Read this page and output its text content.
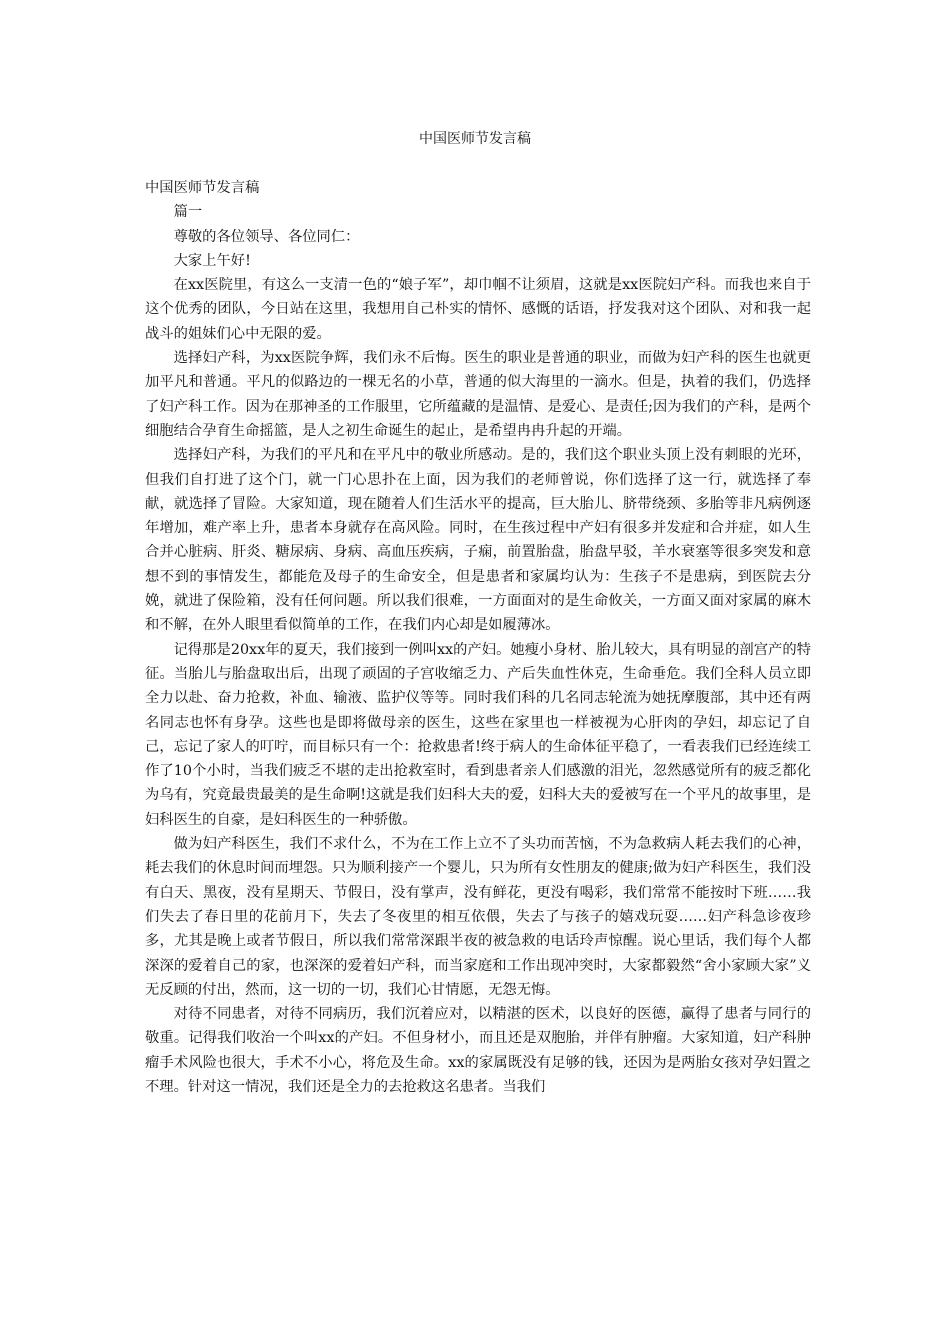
中国医师节发言稿

中国医师节发言稿

篇一

尊敬的各位领导、各位同仁：

大家上午好!

在xx医院里，有这么一支清一色的“娘子军”，却巾帼不让须眉，这就是xx医院妇产科。而我也来自于这个优秀的团队，今日站在这里，我想用自己朴实的情怀、感慨的话语，抒发我对这个团队、对和我一起战斗的姐妹们心中无限的爱。

选择妇产科，为xx医院争辉，我们永不后悔。医生的职业是普通的职业，而做为妇产科的医生也就更加平凡和普通。平凡的似路边的一棵无名的小草，普通的似大海里的一滴水。但是，执着的我们，仍选择了妇产科工作。因为在那神圣的工作服里，它所蕴藏的是温情、是爱心、是责任;因为我们的产科，是两个细胞结合孕育生命摇篮，是人之初生命诞生的起止，是希望冉冉升起的开端。

选择妇产科，为我们的平凡和在平凡中的敬业所感动。是的，我们这个职业头顶上没有刺眼的光环，但我们自打进了这个门，就一门心思扑在上面，因为我们的老师曾说，你们选择了这一行，就选择了奉献，就选择了冒险。大家知道，现在随着人们生活水平的提高，巨大胎儿、脐带绕颈、多胎等非凡病例逐年增加，难产率上升，患者本身就存在高风险。同时，在生孩过程中产妇有很多并发症和合并症，如人生合并心脏病、肝炎、糖尿病、身病、高血压疾病，子痫，前置胎盘，胎盘早驳，羊水衰塞等很多突发和意想不到的事情发生，都能危及母子的生命安全，但是患者和家属均认为：生孩子不是患病，到医院去分娩，就进了保险箱，没有任何问题。所以我们很难，一方面面对的是生命攸关，一方面又面对家属的麻木和不解，在外人眼里看似简单的工作，在我们内心却是如履薄冰。

记得那是20xx年的夏天，我们接到一例叫xx的产妇。她瘦小身材、胎儿较大，具有明显的剖宫产的特征。当胎儿与胎盘取出后，出现了顽固的子宫收缩乏力、产后失血性休克，生命垂危。我们全科人员立即全力以赴、奋力抢救，补血、输液、监护仪等等。同时我们科的几名同志轮流为她抚摩腹部，其中还有两名同志也怀有身孕。这些也是即将做母亲的医生，这些在家里也一样被视为心肝肉的孕妇，却忘记了自己，忘记了家人的叮咛，而目标只有一个：抢救患者!终于病人的生命体征平稳了，一看表我们已经连续工作了10个小时，当我们疲乏不堪的走出抢救室时，看到患者亲人们感激的泪光，忽然感觉所有的疲乏都化为乌有，究竟最贵最美的是生命啊!这就是我们妇科大夫的爱，妇科大夫的爱被写在一个平凡的故事里，是妇科医生的自豪，是妇科医生的一种骄傲。

做为妇产科医生，我们不求什么，不为在工作上立不了头功而苦恼，不为急救病人耗去我们的心神，耗去我们的休息时间而埋怨。只为顺利接产一个婴儿，只为所有女性朋友的健康;做为妇产科医生，我们没有白天、黑夜，没有星期天、节假日，没有掌声，没有鲜花，更没有喝彩，我们常常不能按时下班……我们失去了春日里的花前月下，失去了冬夜里的相互依偎，失去了与孩子的嬉戏玩耍……妇产科急诊夜珍多，尤其是晚上或者节假日，所以我们常常深跟半夜的被急救的电话玲声惊醒。说心里话，我们每个人都深深的爱着自己的家，也深深的爱着妇产科，而当家庭和工作出现冲突时，大家都毅然“舍小家顾大家”义无反顾的付出，然而，这一切的一切，我们心甘情愿，无怨无悔。

对待不同患者，对待不同病历，我们沉着应对，以精湛的医术，以良好的医德，赢得了患者与同行的敬重。记得我们收治一个叫xx的产妇。不但身材小，而且还是双胞胎，并伴有肿瘤。大家知道，妇产科肿瘤手术风险也很大，手术不小心，将危及生命。xx的家属既没有足够的钱，还因为是两胎女孩对孕妇置之不理。针对这一情况，我们还是全力的去抢救这名患者。当我们
